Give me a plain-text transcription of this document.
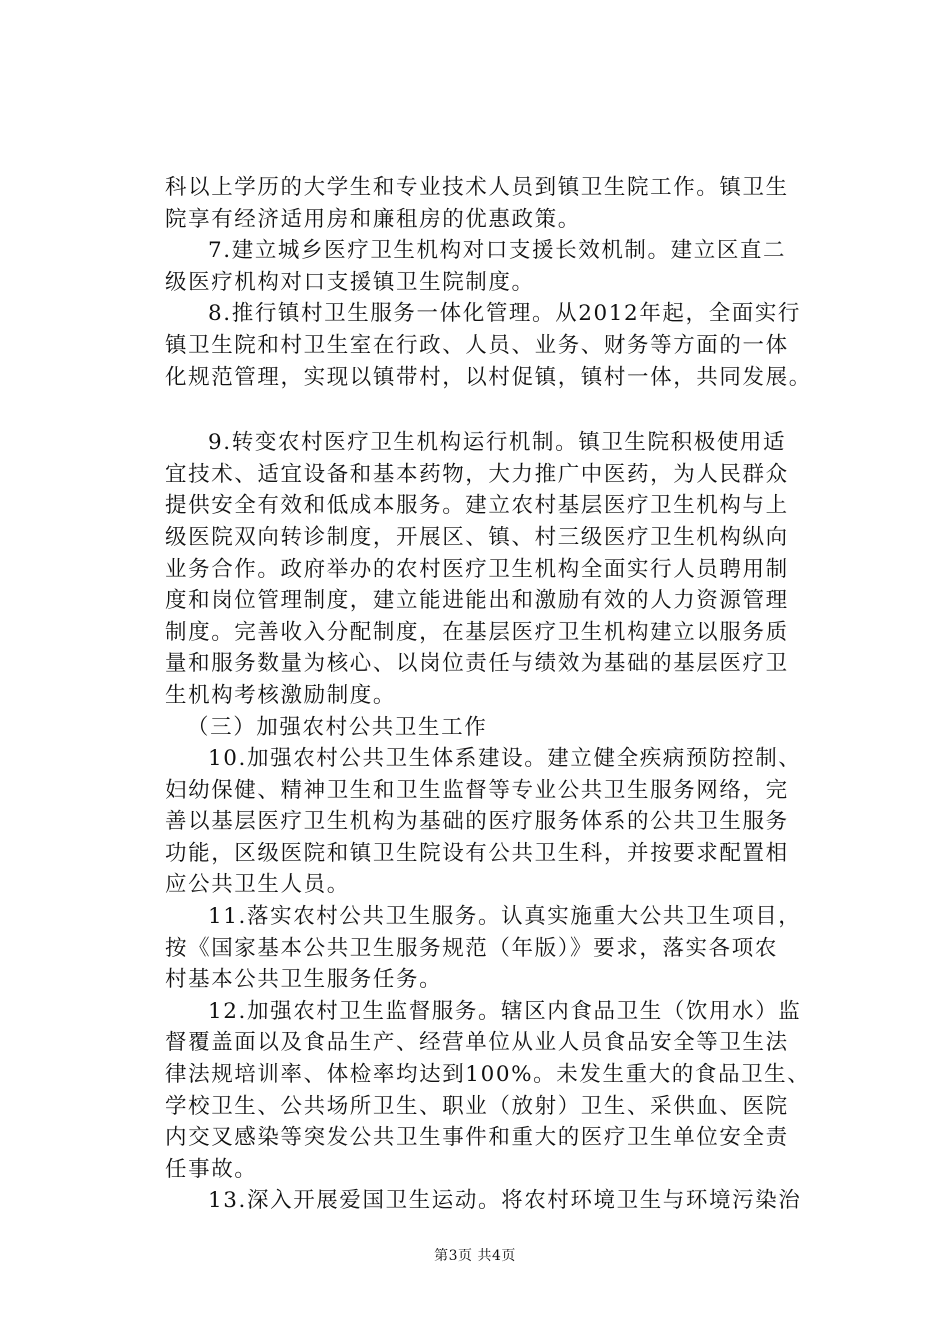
科以上学历的大学生和专业技术人员到镇卫生院工作。镇卫生
院享有经济适用房和廉租房的优惠政策。
7.建立城乡医疗卫生机构对口支援长效机制。建立区直二
级医疗机构对口支援镇卫生院制度。
8.推行镇村卫生服务一体化管理。从2012年起，全面实行
镇卫生院和村卫生室在行政、人员、业务、财务等方面的一体
化规范管理，实现以镇带村，以村促镇，镇村一体，共同发展。
9.转变农村医疗卫生机构运行机制。镇卫生院积极使用适
宜技术、适宜设备和基本药物，大力推广中医药，为人民群众
提供安全有效和低成本服务。建立农村基层医疗卫生机构与上
级医院双向转诊制度，开展区、镇、村三级医疗卫生机构纵向
业务合作。政府举办的农村医疗卫生机构全面实行人员聘用制
度和岗位管理制度，建立能进能出和激励有效的人力资源管理
制度。完善收入分配制度，在基层医疗卫生机构建立以服务质
量和服务数量为核心、以岗位责任与绩效为基础的基层医疗卫
生机构考核激励制度。
（三）加强农村公共卫生工作
10.加强农村公共卫生体系建设。建立健全疾病预防控制、
妇幼保健、精神卫生和卫生监督等专业公共卫生服务网络，完
善以基层医疗卫生机构为基础的医疗服务体系的公共卫生服务
功能，区级医院和镇卫生院设有公共卫生科，并按要求配置相
应公共卫生人员。
11.落实农村公共卫生服务。认真实施重大公共卫生项目，
按《国家基本公共卫生服务规范（年版）》要求，落实各项农
村基本公共卫生服务任务。
12.加强农村卫生监督服务。辖区内食品卫生（饮用水）监
督覆盖面以及食品生产、经营单位从业人员食品安全等卫生法
律法规培训率、体检率均达到100%。未发生重大的食品卫生、
学校卫生、公共场所卫生、职业（放射）卫生、采供血、医院
内交叉感染等突发公共卫生事件和重大的医疗卫生单位安全责
任事故。
13.深入开展爱国卫生运动。将农村环境卫生与环境污染治
第3页 共4页
